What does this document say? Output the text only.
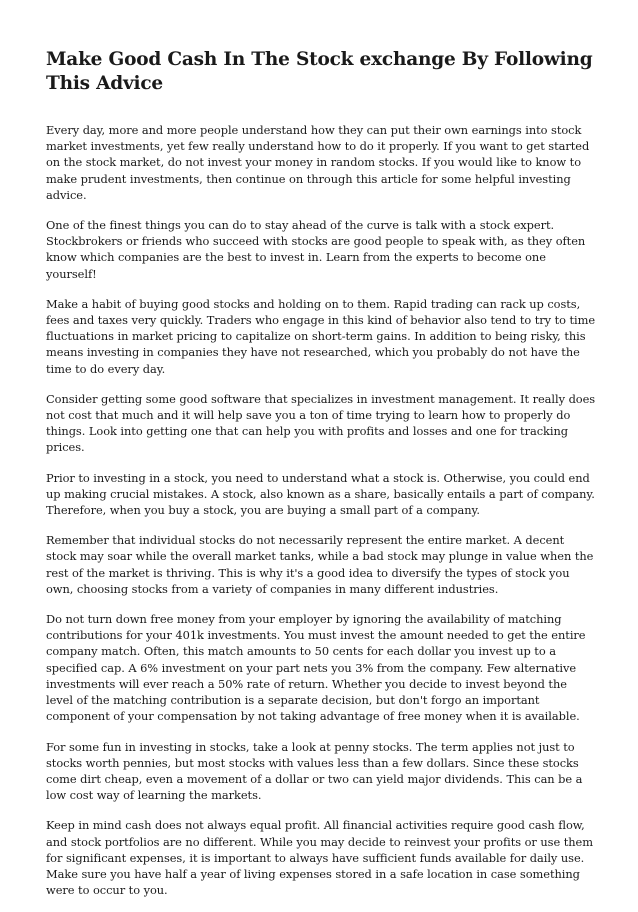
Make Good Cash In The Stock exchange By Following This Advice

Every day, more and more people understand how they can put their own earnings into stock market investments, yet few really understand how to do it properly. If you want to get started on the stock market, do not invest your money in random stocks. If you would like to know to make prudent investments, then continue on through this article for some helpful investing advice.

One of the finest things you can do to stay ahead of the curve is talk with a stock expert. Stockbrokers or friends who succeed with stocks are good people to speak with, as they often know which companies are the best to invest in. Learn from the experts to become one yourself!

Make a habit of buying good stocks and holding on to them. Rapid trading can rack up costs, fees and taxes very quickly. Traders who engage in this kind of behavior also tend to try to time fluctuations in market pricing to capitalize on short-term gains. In addition to being risky, this means investing in companies they have not researched, which you probably do not have the time to do every day.

Consider getting some good software that specializes in investment management. It really does not cost that much and it will help save you a ton of time trying to learn how to properly do things. Look into getting one that can help you with profits and losses and one for tracking prices.

Prior to investing in a stock, you need to understand what a stock is. Otherwise, you could end up making crucial mistakes. A stock, also known as a share, basically entails a part of company. Therefore, when you buy a stock, you are buying a small part of a company.

Remember that individual stocks do not necessarily represent the entire market. A decent stock may soar while the overall market tanks, while a bad stock may plunge in value when the rest of the market is thriving. This is why it's a good idea to diversify the types of stock you own, choosing stocks from a variety of companies in many different industries.

Do not turn down free money from your employer by ignoring the availability of matching contributions for your 401k investments. You must invest the amount needed to get the entire company match. Often, this match amounts to 50 cents for each dollar you invest up to a specified cap. A 6% investment on your part nets you 3% from the company. Few alternative investments will ever reach a 50% rate of return. Whether you decide to invest beyond the level of the matching contribution is a separate decision, but don't forgo an important component of your compensation by not taking advantage of free money when it is available.

For some fun in investing in stocks, take a look at penny stocks. The term applies not just to stocks worth pennies, but most stocks with values less than a few dollars. Since these stocks come dirt cheap, even a movement of a dollar or two can yield major dividends. This can be a low cost way of learning the markets.

Keep in mind cash does not always equal profit. All financial activities require good cash flow, and stock portfolios are no different. While you may decide to reinvest your profits or use them for significant expenses, it is important to always have sufficient funds available for daily use. Make sure you have half a year of living expenses stored in a safe location in case something were to occur to you.
